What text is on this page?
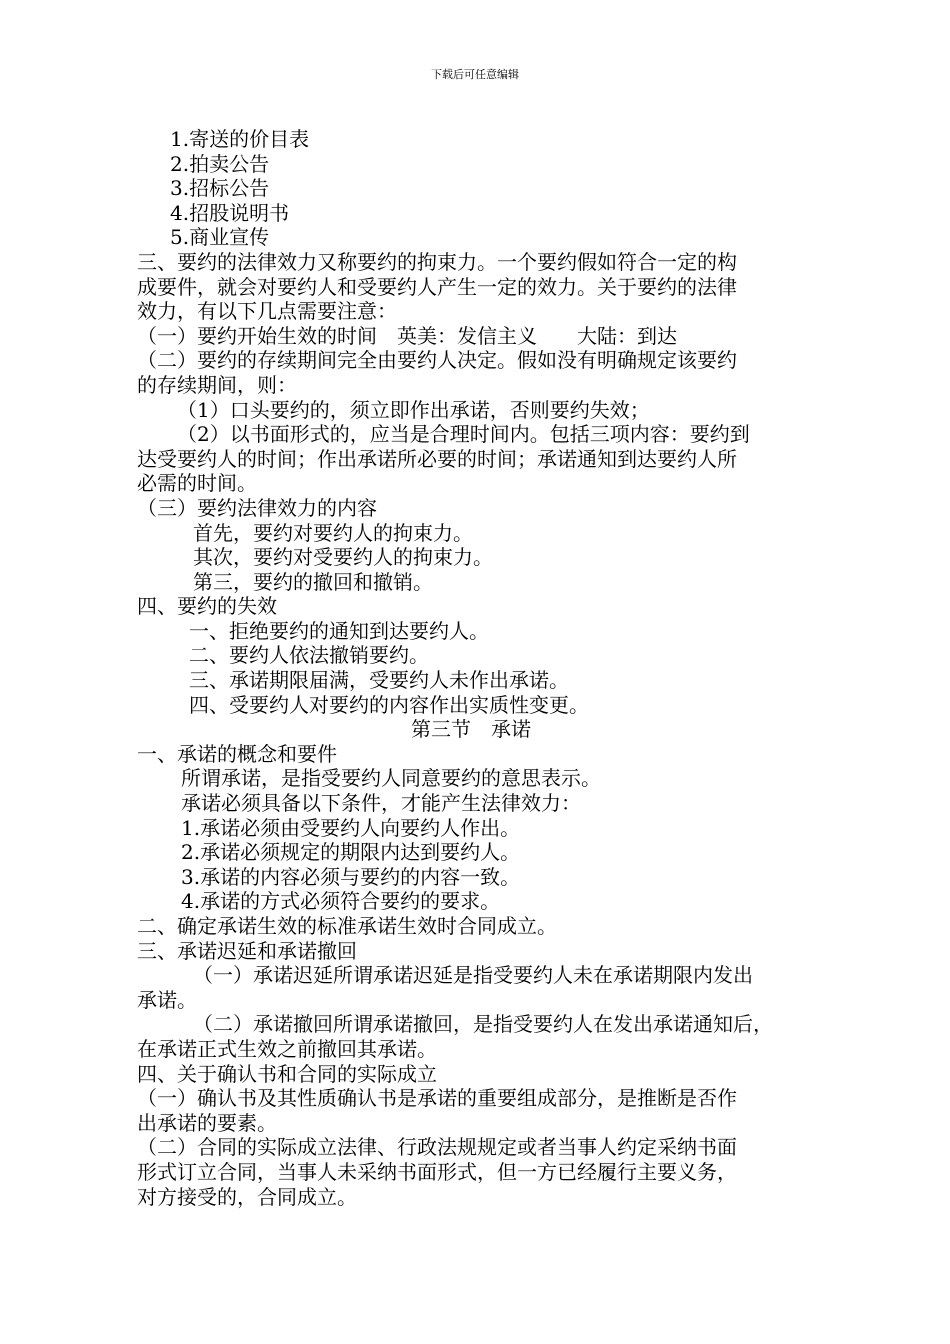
下载后可任意编辑
1.寄送的价目表
2.拍卖公告
3.招标公告
4.招股说明书
5.商业宣传
三、要约的法律效力又称要约的拘束力。一个要约假如符合一定的构
成要件，就会对要约人和受要约人产生一定的效力。关于要约的法律
效力，有以下几点需要注意：
（一）要约开始生效的时间　英美：发信主义　　大陆：到达
（二）要约的存续期间完全由要约人决定。假如没有明确规定该要约
的存续期间，则：
（1）口头要约的，须立即作出承诺，否则要约失效；
（2）以书面形式的，应当是合理时间内。包括三项内容：要约到
达受要约人的时间；作出承诺所必要的时间；承诺通知到达要约人所
必需的时间。
（三）要约法律效力的内容
首先，要约对要约人的拘束力。
其次，要约对受要约人的拘束力。
第三，要约的撤回和撤销。
四、要约的失效
一、拒绝要约的通知到达要约人。
二、要约人依法撤销要约。
三、承诺期限届满，受要约人未作出承诺。
四、受要约人对要约的内容作出实质性变更。
第三节　承诺
一、承诺的概念和要件
所谓承诺，是指受要约人同意要约的意思表示。
承诺必须具备以下条件，才能产生法律效力：
1.承诺必须由受要约人向要约人作出。
2.承诺必须规定的期限内达到要约人。
3.承诺的内容必须与要约的内容一致。
4.承诺的方式必须符合要约的要求。
二、确定承诺生效的标准承诺生效时合同成立。
三、承诺迟延和承诺撤回
（一）承诺迟延所谓承诺迟延是指受要约人未在承诺期限内发出
承诺。
（二）承诺撤回所谓承诺撤回，是指受要约人在发出承诺通知后，
在承诺正式生效之前撤回其承诺。
四、关于确认书和合同的实际成立
（一）确认书及其性质确认书是承诺的重要组成部分，是推断是否作
出承诺的要素。
（二）合同的实际成立法律、行政法规规定或者当事人约定采纳书面
形式订立合同，当事人未采纳书面形式，但一方已经履行主要义务，
对方接受的，合同成立。
